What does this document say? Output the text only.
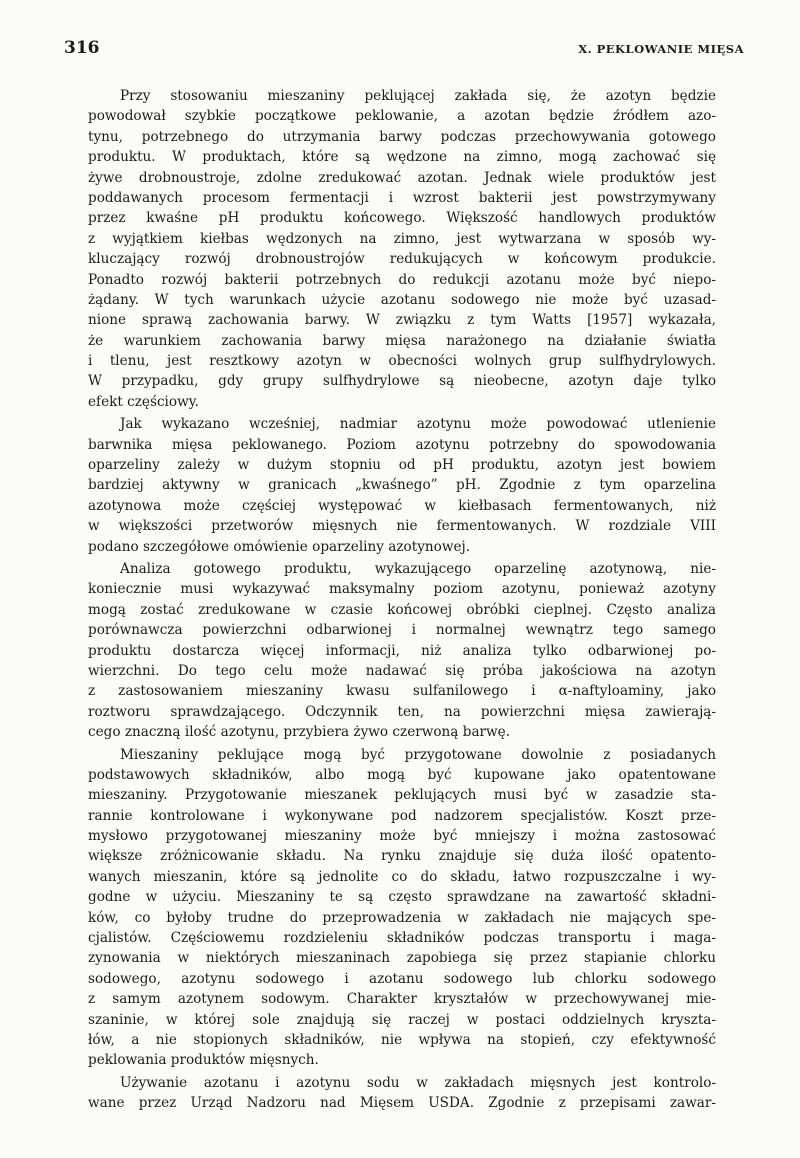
316	X. PEKLOWANIE MIĘSA
Przy stosowaniu mieszaniny peklującej zakłada się, że azotyn będzie
powodował szybkie początkowe peklowanie, a azotan będzie źródłem azo-
tynu, potrzebnego do utrzymania barwy podczas przechowywania gotowego
produktu. W produktach, które są wędzone na zimno, mogą zachować się
żywe drobnoustroje, zdolne zredukować azotan. Jednak wiele produktów jest
poddawanych procesom fermentacji i wzrost bakterii jest powstrzymywany
przez kwaśne pH produktu końcowego. Większość handlowych produktów
z wyjątkiem kiełbas wędzonych na zimno, jest wytwarzana w sposób wy-
kluczający rozwój drobnoustrojów redukujących w końcowym produkcie.
Ponadto rozwój bakterii potrzebnych do redukcji azotanu może być niepo-
żądany. W tych warunkach użycie azotanu sodowego nie może być uzasad-
nione sprawą zachowania barwy. W związku z tym Watts [1957] wykazała,
że warunkiem zachowania barwy mięsa narażonego na działanie światła
i tlenu, jest resztkowy azotyn w obecności wolnych grup sulfhydrylowych.
W przypadku, gdy grupy sulfhydrylowe są nieobecne, azotyn daje tylko
efekt częściowy.
Jak wykazano wcześniej, nadmiar azotynu może powodować utlenienie
barwnika mięsa peklowanego. Poziom azotynu potrzebny do spowodowania
oparzeliny zależy w dużym stopniu od pH produktu, azotyn jest bowiem
bardziej aktywny w granicach „kwaśnego” pH. Zgodnie z tym oparzelina
azotynowa może częściej występować w kiełbasach fermentowanych, niż
w większości przetworów mięsnych nie fermentowanych. W rozdziale VIII
podano szczegółowe omówienie oparzeliny azotynowej.
Analiza gotowego produktu, wykazującego oparzelinę azotynową, nie-
koniecznie musi wykazywać maksymalny poziom azotynu, ponieważ azotyny
mogą zostać zredukowane w czasie końcowej obróbki cieplnej. Często analiza
porównawcza powierzchni odbarwionej i normalnej wewnątrz tego samego
produktu dostarcza więcej informacji, niż analiza tylko odbarwionej po-
wierzchni. Do tego celu może nadawać się próba jakościowa na azotyn
z zastosowaniem mieszaniny kwasu sulfanilowego i α-naftyloaminy, jako
roztworu sprawdzającego. Odczynnik ten, na powierzchni mięsa zawierają-
cego znaczną ilość azotynu, przybiera żywo czerwoną barwę.
Mieszaniny peklujące mogą być przygotowane dowolnie z posiadanych
podstawowych składników, albo mogą być kupowane jako opatentowane
mieszaniny. Przygotowanie mieszanek peklujących musi być w zasadzie sta-
rannie kontrolowane i wykonywane pod nadzorem specjalistów. Koszt prze-
mysłowo przygotowanej mieszaniny może być mniejszy i można zastosować
większe zróżnicowanie składu. Na rynku znajduje się duża ilość opatento-
wanych mieszanin, które są jednolite co do składu, łatwo rozpuszczalne i wy-
godne w użyciu. Mieszaniny te są często sprawdzane na zawartość składni-
ków, co byłoby trudne do przeprowadzenia w zakładach nie mających spe-
cjalistów. Częściowemu rozdzieleniu składników podczas transportu i maga-
zynowania w niektórych mieszaninach zapobiega się przez stapianie chlorku
sodowego, azotynu sodowego i azotanu sodowego lub chlorku sodowego
z samym azotynem sodowym. Charakter kryształów w przechowywanej mie-
szaninie, w której sole znajdują się raczej w postaci oddzielnych kryszta-
łów, a nie stopionych składników, nie wpływa na stopień, czy efektywność
peklowania produktów mięsnych.
Używanie azotanu i azotynu sodu w zakładach mięsnych jest kontrolo-
wane przez Urząd Nadzoru nad Mięsem USDA. Zgodnie z przepisami zawar-
